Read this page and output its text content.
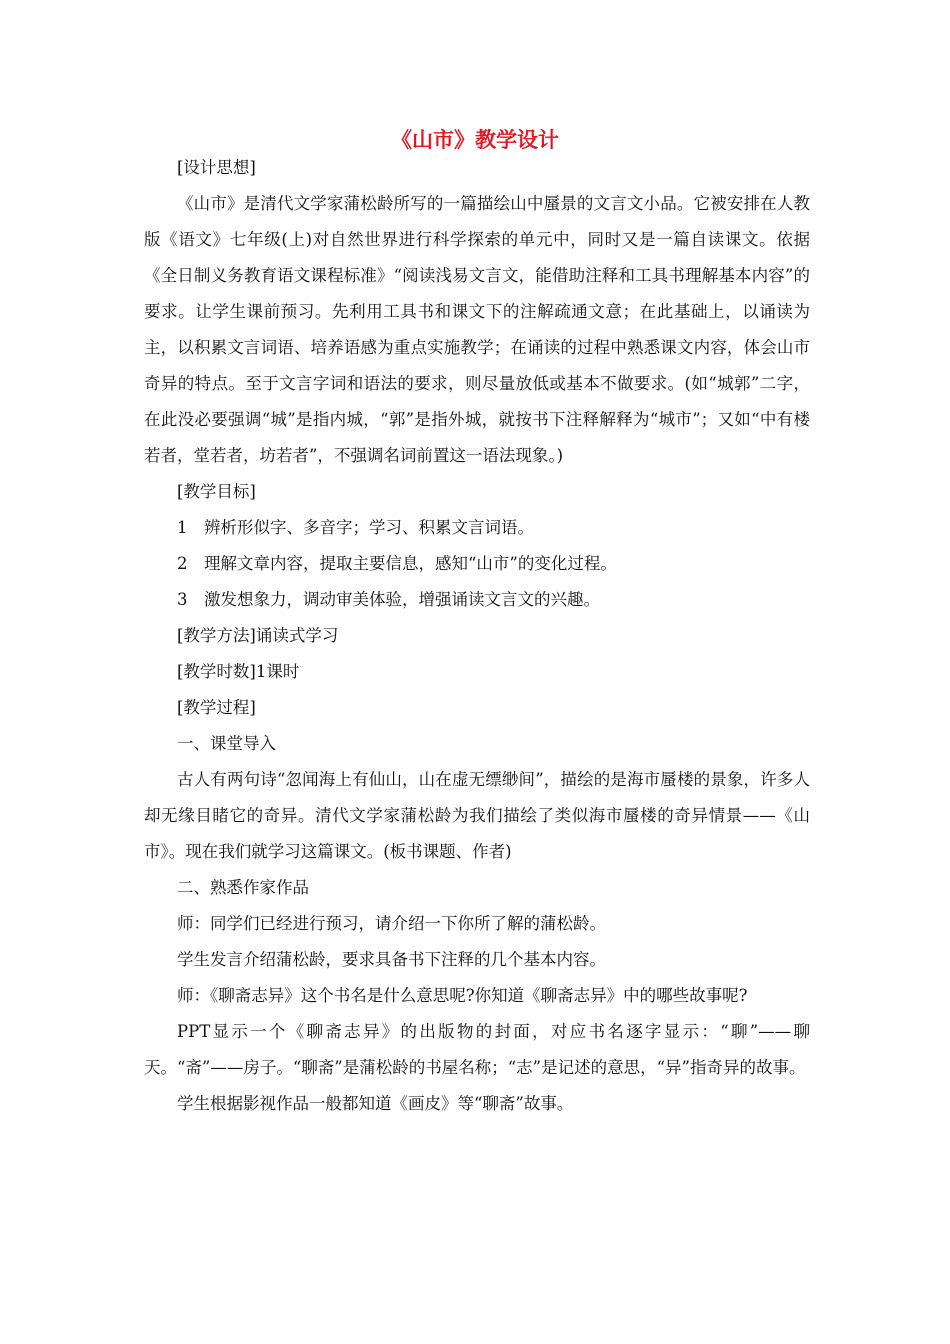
《山市》教学设计

[设计思想]

《山市》是清代文学家蒲松龄所写的一篇描绘山中蜃景的文言文小品。它被安排在人教版《语文》七年级(上)对自然世界进行科学探索的单元中，同时又是一篇自读课文。依据《全日制义务教育语文课程标准》“阅读浅易文言文，能借助注释和工具书理解基本内容”的要求。让学生课前预习。先利用工具书和课文下的注解疏通文意；在此基础上，以诵读为主，以积累文言词语、培养语感为重点实施教学；在诵读的过程中熟悉课文内容，体会山市奇异的特点。至于文言字词和语法的要求，则尽量放低或基本不做要求。(如“城郭”二字，在此没必要强调“城”是指内城，“郭”是指外城，就按书下注释解释为“城市”；又如“中有楼若者，堂若者，坊若者”，不强调名词前置这一语法现象。)

[教学目标]

1　辨析形似字、多音字；学习、积累文言词语。

2　理解文章内容，提取主要信息，感知“山市”的变化过程。

3　激发想象力，调动审美体验，增强诵读文言文的兴趣。

[教学方法]诵读式学习

[教学时数]1课时

[教学过程]

一、课堂导入

古人有两句诗“忽闻海上有仙山，山在虚无缥缈间”，描绘的是海市蜃楼的景象，许多人却无缘目睹它的奇异。清代文学家蒲松龄为我们描绘了类似海市蜃楼的奇异情景——《山市》。现在我们就学习这篇课文。(板书课题、作者)

二、熟悉作家作品

师：同学们已经进行预习，请介绍一下你所了解的蒲松龄。

学生发言介绍蒲松龄，要求具备书下注释的几个基本内容。

师：《聊斋志异》这个书名是什么意思呢?你知道《聊斋志异》中的哪些故事呢?

PPT显示一个《聊斋志异》的出版物的封面，对应书名逐字显示：“聊”——聊天。“斋”——房子。“聊斋”是蒲松龄的书屋名称；“志”是记述的意思，“异”指奇异的故事。

学生根据影视作品一般都知道《画皮》等“聊斋”故事。
